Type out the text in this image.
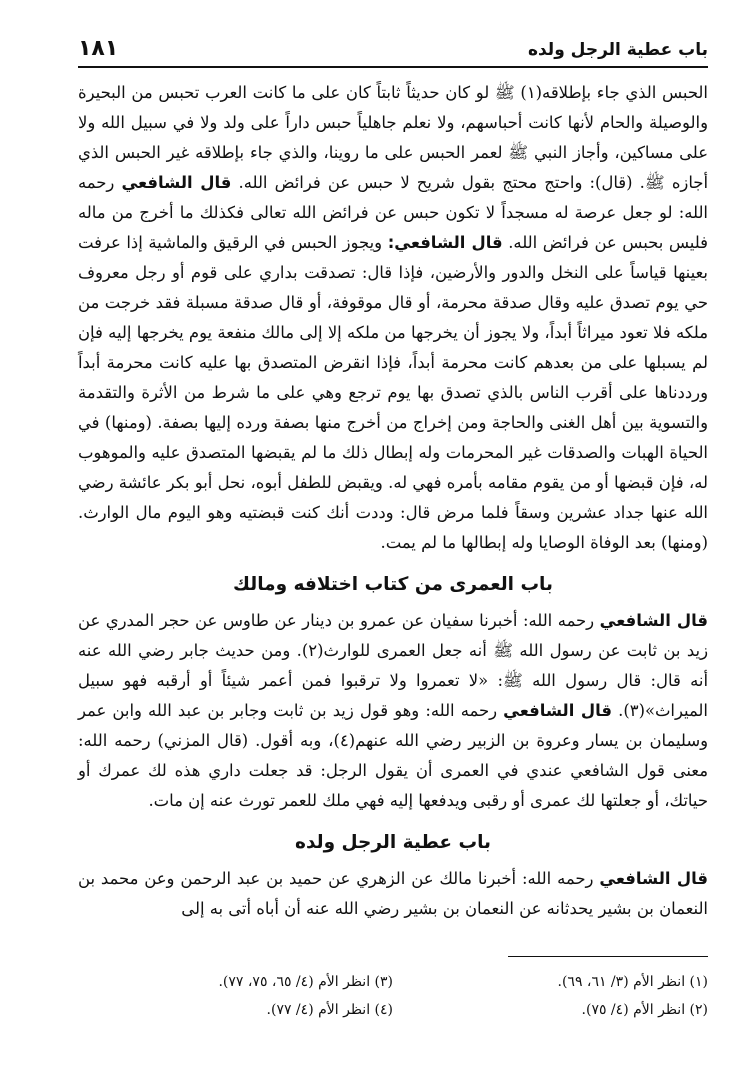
باب عطية الرجل ولده
١٨١

الحبس الذي جاء بإطلاقه(١) ﷺ لو كان حديثاً ثابتاً كان على ما كانت العرب تحبس من البحيرة والوصيلة والحام لأنها كانت أحباسهم، ولا نعلم جاهلياً حبس داراً على ولد ولا في سبيل الله ولا على مساكين، وأجاز النبي ﷺ لعمر الحبس على ما روينا، والذي جاء بإطلاقه غير الحبس الذي أجازه ﷺ. (قال): واحتج محتج بقول شريح لا حبس عن فرائض الله. قال الشافعي رحمه الله: لو جعل عرصة له مسجداً لا تكون حبس عن فرائض الله تعالى فكذلك ما أخرج من ماله فليس بحبس عن فرائض الله. قال الشافعي: ويجوز الحبس في الرقيق والماشية إذا عرفت بعينها قياساً على النخل والدور والأرضين، فإذا قال: تصدقت بداري على قوم أو رجل معروف حي يوم تصدق عليه وقال صدقة محرمة، أو قال موقوفة، أو قال صدقة مسبلة فقد خرجت من ملكه فلا تعود ميراثاً أبداً، ولا يجوز أن يخرجها من ملكه إلا إلى مالك منفعة يوم يخرجها إليه فإن لم يسبلها على من بعدهم كانت محرمة أبداً، فإذا انقرض المتصدق بها عليه كانت محرمة أبداً ورددناها على أقرب الناس بالذي تصدق بها يوم ترجع وهي على ما شرط من الأثرة والتقدمة والتسوية بين أهل الغنى والحاجة ومن إخراج من أخرج منها بصفة ورده إليها بصفة. (ومنها) في الحياة الهبات والصدقات غير المحرمات وله إبطال ذلك ما لم يقبضها المتصدق عليه والموهوب له، فإن قبضها أو من يقوم مقامه بأمره فهي له. ويقبض للطفل أبوه، نحل أبو بكر عائشة رضي الله عنها جداد عشرين وسقاً فلما مرض قال: وددت أنك كنت قبضتيه وهو اليوم مال الوارث. (ومنها) بعد الوفاة الوصايا وله إبطالها ما لم يمت.

باب العمرى من كتاب اختلافه ومالك

قال الشافعي رحمه الله: أخبرنا سفيان عن عمرو بن دينار عن طاوس عن حجر المدري عن زيد بن ثابت عن رسول الله ﷺ أنه جعل العمرى للوارث(٢). ومن حديث جابر رضي الله عنه أنه قال: قال رسول الله ﷺ: «لا تعمروا ولا ترقبوا فمن أعمر شيئاً أو أرقبه فهو سبيل الميراث»(٣). قال الشافعي رحمه الله: وهو قول زيد بن ثابت وجابر بن عبد الله وابن عمر وسليمان بن يسار وعروة بن الزبير رضي الله عنهم(٤)، وبه أقول. (قال المزني) رحمه الله: معنى قول الشافعي عندي في العمرى أن يقول الرجل: قد جعلت داري هذه لك عمرك أو حياتك، أو جعلتها لك عمرى أو رقبى ويدفعها إليه فهي ملك للعمر تورث عنه إن مات.

باب عطية الرجل ولده

قال الشافعي رحمه الله: أخبرنا مالك عن الزهري عن حميد بن عبد الرحمن وعن محمد بن النعمان بن بشير يحدثانه عن النعمان بن بشير رضي الله عنه أن أباه أتى به إلى

(١) انظر الأم (٣/ ٦١، ٦٩).
(٣) انظر الأم (٤/ ٦٥، ٧٥، ٧٧).
(٢) انظر الأم (٤/ ٧٥).
(٤) انظر الأم (٤/ ٧٧).
